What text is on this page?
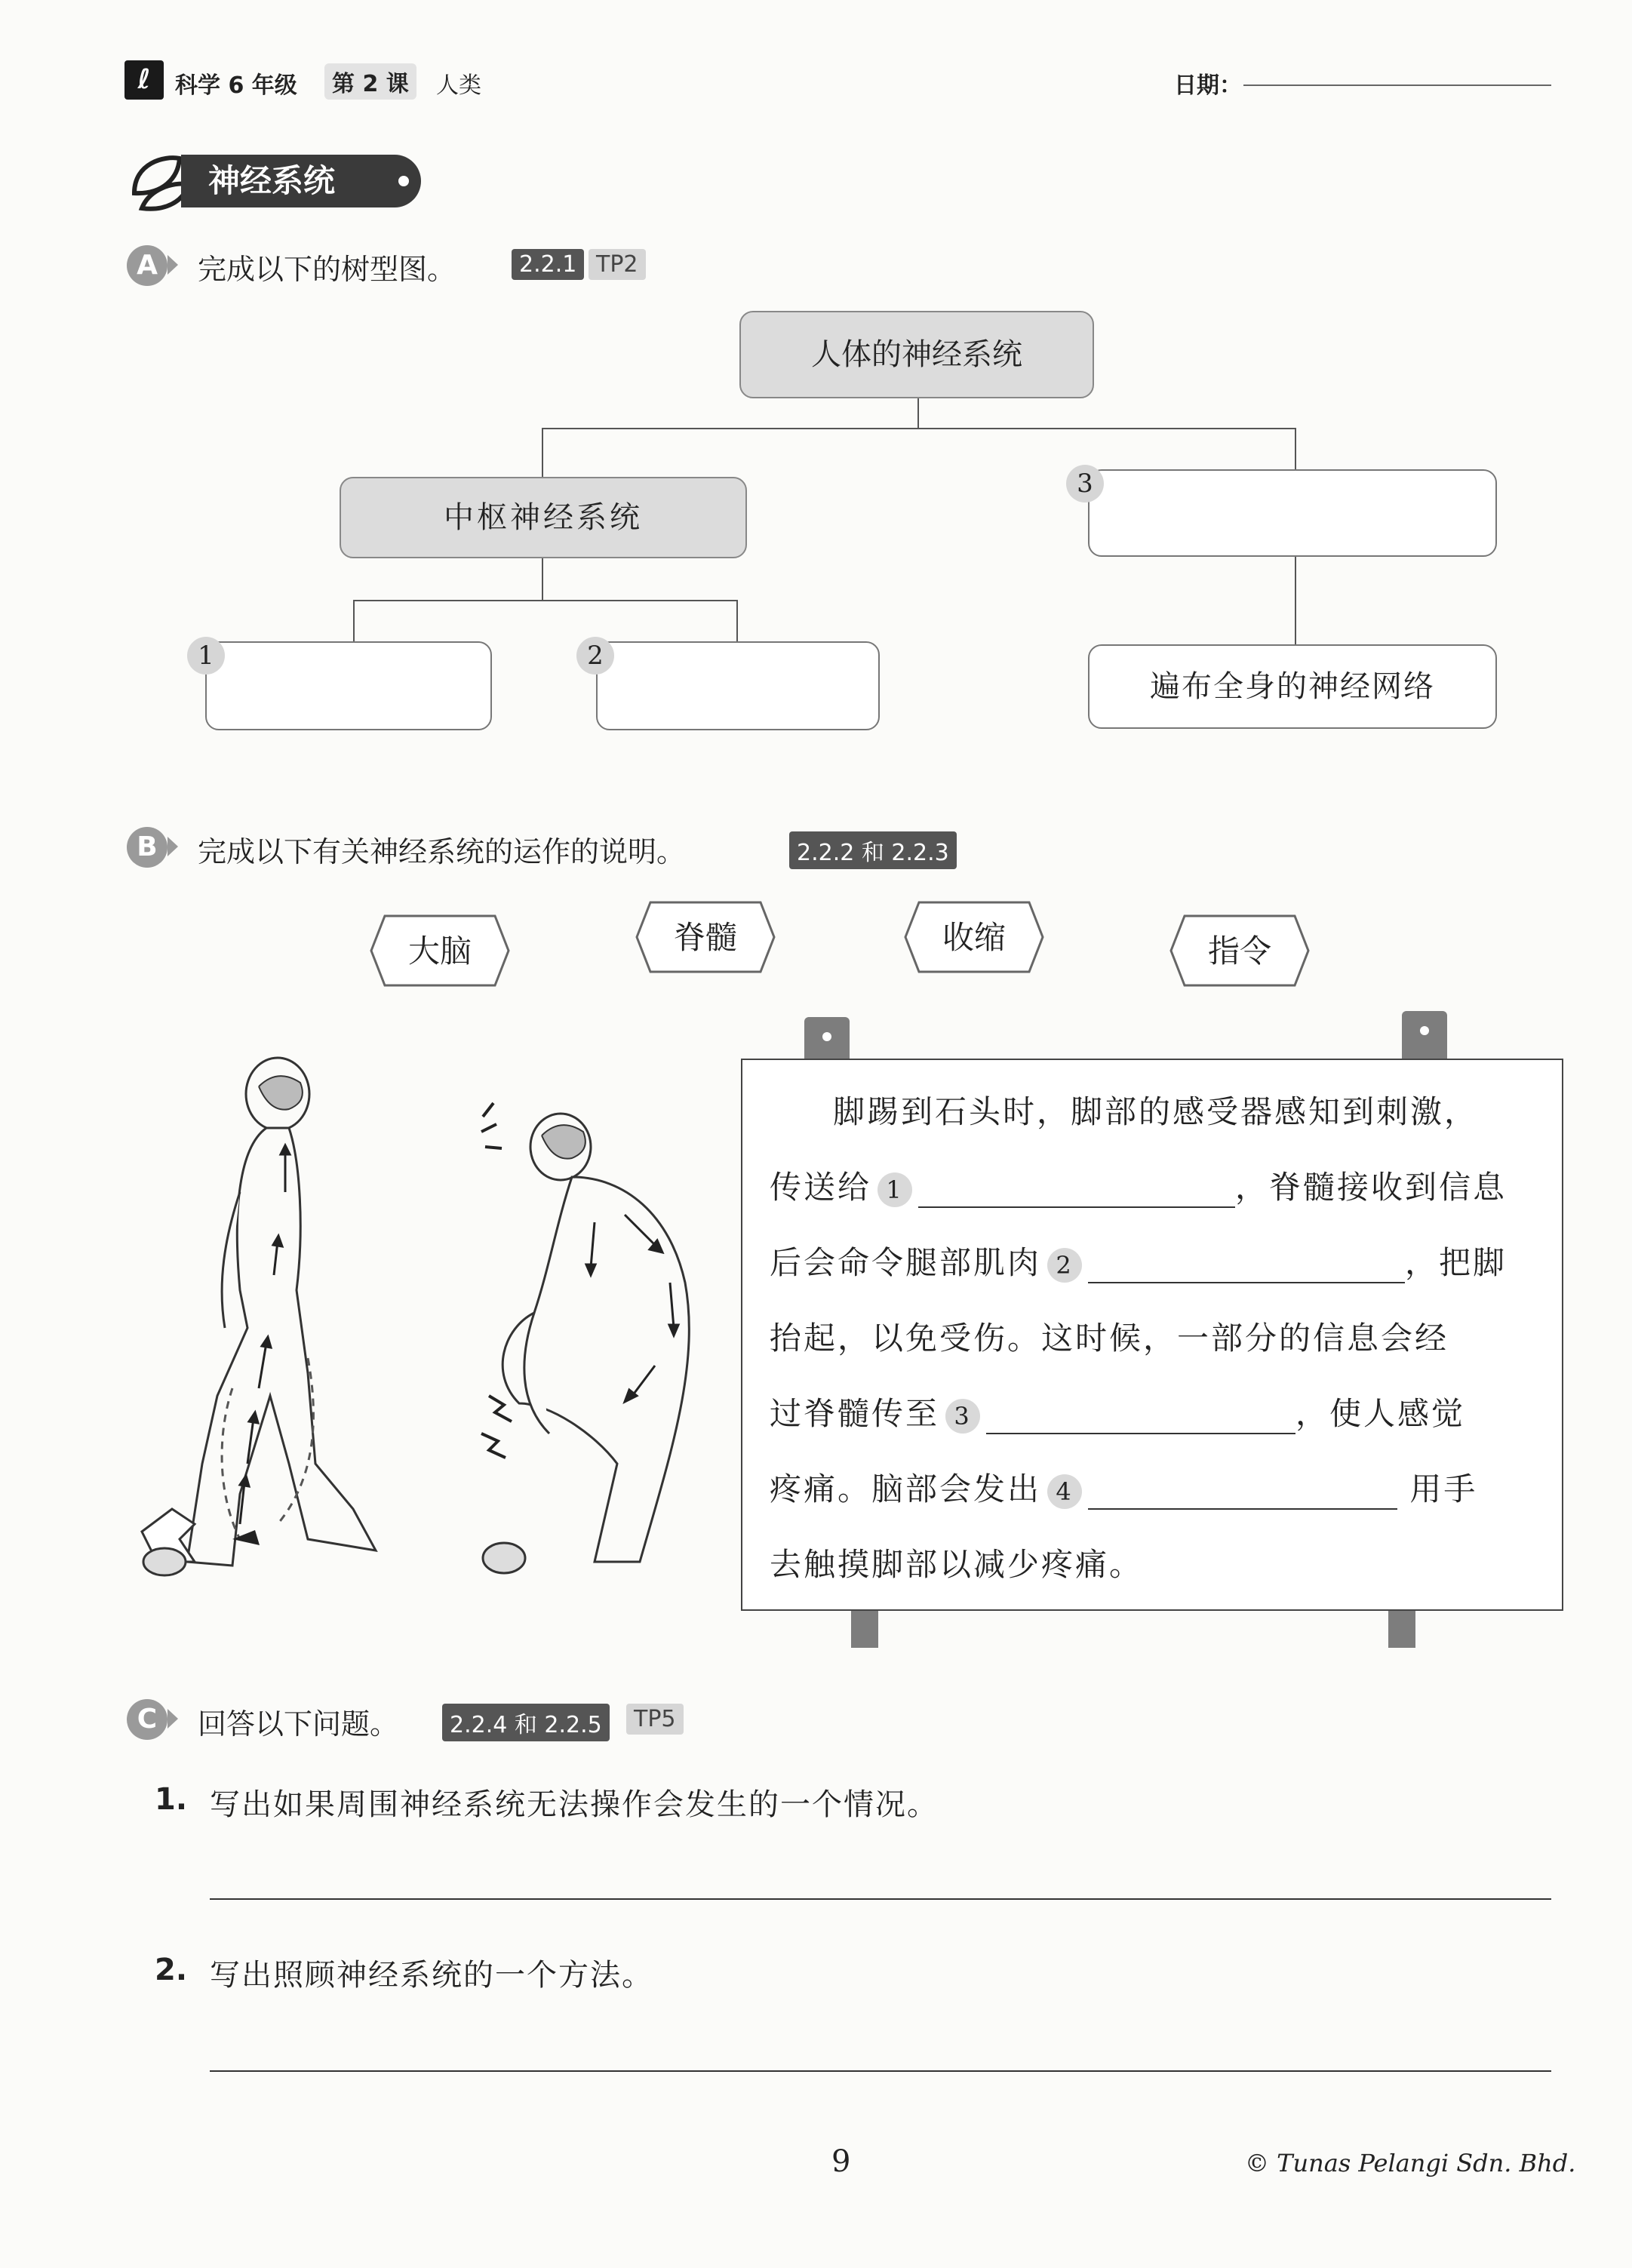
ℓ	科学 6 年级	第 2 课	人类	日期：
神经系统
A	完成以下的树型图。	2.2.1 TP2
人体的神经系统
中枢神经系统
3
1	2
遍布全身的神经网络
B	完成以下有关神经系统的运作的说明。	2.2.2 和 2.2.3
大脑	脊髓	收缩	指令

脚踢到石头时，脚部的感受器感知到刺激，

传送给 1	，脊髓接收到信息

后会命令腿部肌肉 2	，把脚

抬起，以免受伤。这时候，一部分的信息会经

过脊髓传至 3	，使人感觉

疼痛。脑部会发出 4	用手

去触摸脚部以减少疼痛。

C	回答以下问题。	2.2.4 和 2.2.5	TP5
1. 写出如果周围神经系统无法操作会发生的一个情况。
2. 写出照顾神经系统的一个方法。
9	© Tunas Pelangi Sdn. Bhd.
